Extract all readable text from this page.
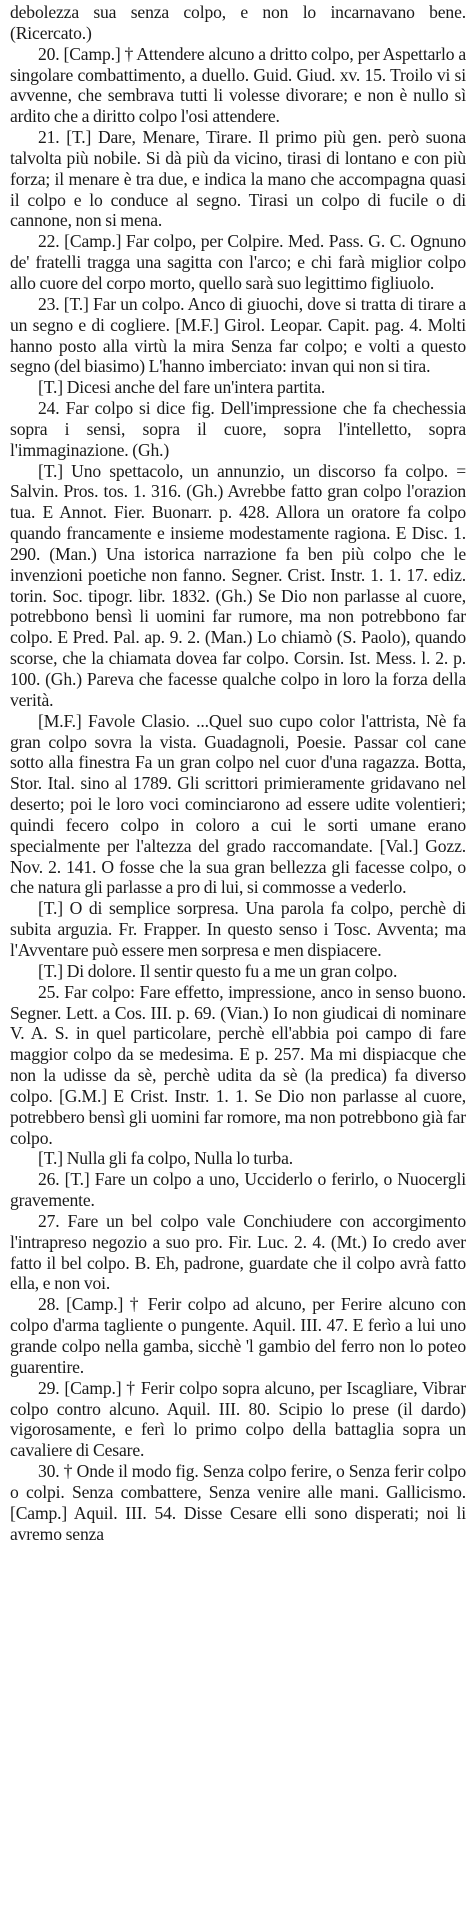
debolezza sua senza colpo, e non lo incarnavano bene. (Ricercato.)

20. [Camp.] † Attendere alcuno a dritto colpo, per Aspettarlo a singolare combattimento, a duello. Guid. Giud. xv. 15. Troilo vi si avvenne, che sembrava tutti li volesse divorare; e non è nullo sì ardito che a diritto colpo l'osi attendere.

21. [T.] Dare, Menare, Tirare. Il primo più gen. però suona talvolta più nobile. Si dà più da vicino, tirasi di lontano e con più forza; il menare è tra due, e indica la mano che accompagna quasi il colpo e lo conduce al segno. Tirasi un colpo di fucile o di cannone, non si mena.

22. [Camp.] Far colpo, per Colpire. Med. Pass. G. C. Ognuno de' fratelli tragga una sagitta con l'arco; e chi farà miglior colpo allo cuore del corpo morto, quello sarà suo legittimo figliuolo.

23. [T.] Far un colpo. Anco di giuochi, dove si tratta di tirare a un segno e di cogliere. [M.F.] Girol. Leopar. Capit. pag. 4. Molti hanno posto alla virtù la mira Senza far colpo; e volti a questo segno (del biasimo) L'hanno imberciato: invan qui non si tira.

[T.] Dicesi anche del fare un'intera partita.

24. Far colpo si dice fig. Dell'impressione che fa chechessia sopra i sensi, sopra il cuore, sopra l'intelletto, sopra l'immaginazione. (Gh.)

[T.] Uno spettacolo, un annunzio, un discorso fa colpo. = Salvin. Pros. tos. 1. 316. (Gh.) Avrebbe fatto gran colpo l'orazion tua. E Annot. Fier. Buonarr. p. 428. Allora un oratore fa colpo quando francamente e insieme modestamente ragiona. E Disc. 1. 290. (Man.) Una istorica narrazione fa ben più colpo che le invenzioni poetiche non fanno. Segner. Crist. Instr. 1. 1. 17. ediz. torin. Soc. tipogr. libr. 1832. (Gh.) Se Dio non parlasse al cuore, potrebbono bensì li uomini far rumore, ma non potrebbono far colpo. E Pred. Pal. ap. 9. 2. (Man.) Lo chiamò (S. Paolo), quando scorse, che la chiamata dovea far colpo. Corsin. Ist. Mess. l. 2. p. 100. (Gh.) Pareva che facesse qualche colpo in loro la forza della verità.

[M.F.] Favole Clasio. ...Quel suo cupo color l'attrista, Nè fa gran colpo sovra la vista. Guadagnoli, Poesie. Passar col cane sotto alla finestra Fa un gran colpo nel cuor d'una ragazza. Botta, Stor. Ital. sino al 1789. Gli scrittori primieramente gridavano nel deserto; poi le loro voci cominciarono ad essere udite volentieri; quindi fecero colpo in coloro a cui le sorti umane erano specialmente per l'altezza del grado raccomandate. [Val.] Gozz. Nov. 2. 141. O fosse che la sua gran bellezza gli facesse colpo, o che natura gli parlasse a pro di lui, si commosse a vederlo.

[T.] O di semplice sorpresa. Una parola fa colpo, perchè di subita arguzia. Fr. Frapper. In questo senso i Tosc. Avventa; ma l'Avventare può essere men sorpresa e men dispiacere.

[T.] Di dolore. Il sentir questo fu a me un gran colpo.

25. Far colpo: Fare effetto, impressione, anco in senso buono. Segner. Lett. a Cos. III. p. 69. (Vian.) Io non giudicai di nominare V. A. S. in quel particolare, perchè ell'abbia poi campo di fare maggior colpo da se medesima. E p. 257. Ma mi dispiacque che non la udisse da sè, perchè udita da sè (la predica) fa diverso colpo. [G.M.] E Crist. Instr. 1. 1. Se Dio non parlasse al cuore, potrebbero bensì gli uomini far romore, ma non potrebbono già far colpo.

[T.] Nulla gli fa colpo, Nulla lo turba.

26. [T.] Fare un colpo a uno, Ucciderlo o ferirlo, o Nuocergli gravemente.

27. Fare un bel colpo vale Conchiudere con accorgimento l'intrapreso negozio a suo pro. Fir. Luc. 2. 4. (Mt.) Io credo aver fatto il bel colpo. B. Eh, padrone, guardate che il colpo avrà fatto ella, e non voi.

28. [Camp.] † Ferir colpo ad alcuno, per Ferire alcuno con colpo d'arma tagliente o pungente. Aquil. III. 47. E ferìo a lui uno grande colpo nella gamba, sicchè 'l gambio del ferro non lo poteo guarentire.

29. [Camp.] † Ferir colpo sopra alcuno, per Iscagliare, Vibrar colpo contro alcuno. Aquil. III. 80. Scipio lo prese (il dardo) vigorosamente, e ferì lo primo colpo della battaglia sopra un cavaliere di Cesare.

30. † Onde il modo fig. Senza colpo ferire, o Senza ferir colpo o colpi. Senza combattere, Senza venire alle mani. Gallicismo. [Camp.] Aquil. III. 54. Disse Cesare elli sono disperati; noi li avremo senza
